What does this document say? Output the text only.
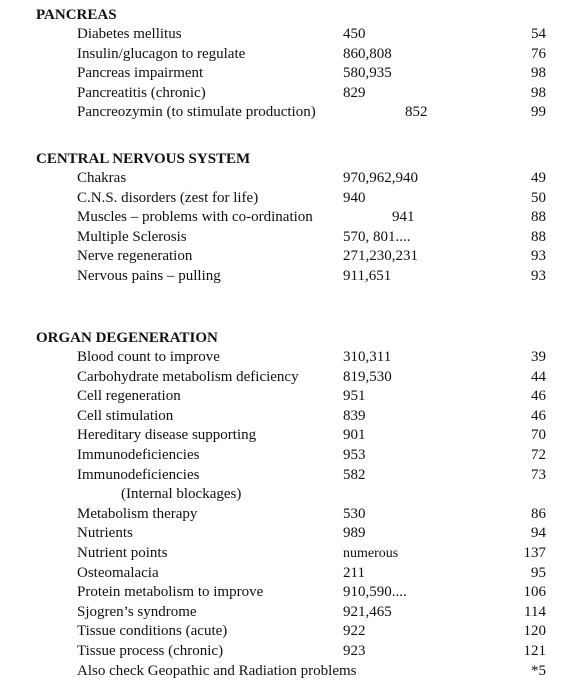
PANCREAS
Diabetes mellitus	450	54
Insulin/glucagon to regulate	860,808	76
Pancreas impairment	580,935	98
Pancreatitis (chronic)	829	98
Pancreozymin (to stimulate production)	852	99
CENTRAL NERVOUS SYSTEM
Chakras	970,962,940	49
C.N.S. disorders (zest for life)	940	50
Muscles – problems with co-ordination	941	88
Multiple Sclerosis	570, 801....	88
Nerve regeneration	271,230,231	93
Nervous pains – pulling	911,651	93
ORGAN DEGENERATION
Blood count to improve	310,311	39
Carbohydrate metabolism deficiency	819,530	44
Cell regeneration	951	46
Cell stimulation	839	46
Hereditary disease supporting	901	70
Immunodeficiencies	953	72
Immunodeficiencies	582	73
(Internal blockages)
Metabolism therapy	530	86
Nutrients	989	94
Nutrient points	numerous	137
Osteomalacia	211	95
Protein metabolism to improve	910,590....	106
Sjogren’s syndrome	921,465	114
Tissue conditions (acute)	922	120
Tissue process (chronic)	923	121
Also check Geopathic and Radiation problems	*5
